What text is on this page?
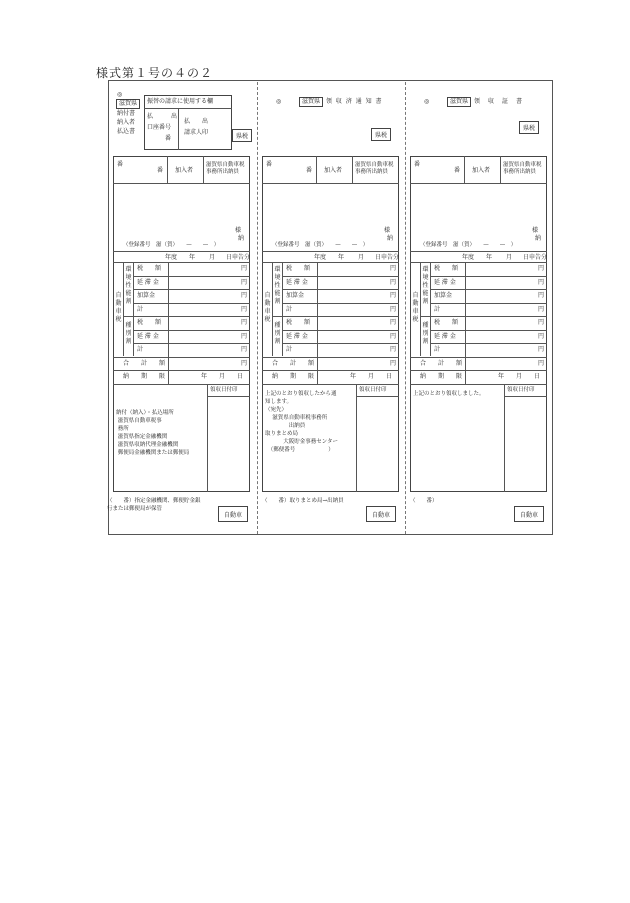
様式第１号の４の２
◎
滋賀県
納付書
納入者
払込書
振替の請求に使用する欄
払　　　出
口座番号
　　　番
払　　出
請求人印
県税
番
番 加入者
滋賀県自動車税事務所出納員
様
納
（登録番号　滋（賀）　　—　　—　）
年度 年 月 日申告分
自動車税
環境性能割
種別割
税　　額	円
延 滞 金	円
加算金	円
計	円
税　　額	円
延 滞 金	円
計	円
合　　計　　額	円
納　　期　　限	年　　月　　日
領収日付印
納付（納入）・払込場所
滋賀県自動車税事
務所
滋賀県指定金融機関
滋賀県収納代理金融機関
郵便局金融機関または郵便局
（　　番）指定金融機関、郵便貯金銀
行または郵便局が保管
自動車
◎	滋賀県 領 収 済 通 知 書
県税
番
番 加入者
滋賀県自動車税事務所出納員
様
納
（登録番号　滋（賀）　　—　　—　）
年度 年 月 日申告分
自動車税
環境性能割
種別割
税　　額	円
延 滞 金	円
加算金	円
計	円
税　　額	円
延 滞 金	円
計	円
合　　計　　額	円
納　　期　　限	年　　月　　日
領収日付印
上記のとおり領収したから通
知します。
（宛先）
　 滋賀県自動車税事務所
　　　　 出納員
取りまとめ局
　　　 大阪貯金事務センター
　（郵便番号　　　　　　）
（　　番）取りまとめ局→出納員
自動車
◎	滋賀県 領　収　証　書
県税
番
番 加入者
滋賀県自動車税事務所出納員
様
納
（登録番号　滋（賀）　　—　　—　）
年度 年 月 日申告分
自動車税
環境性能割
種別割
税　　額	円
延 滞 金	円
加算金	円
計	円
税　　額	円
延 滞 金	円
計	円
合　　計　　額	円
納　　期　　限	年　　月　　日
領収日付印
上記のとおり領収しました。
（　　番）
自動車
